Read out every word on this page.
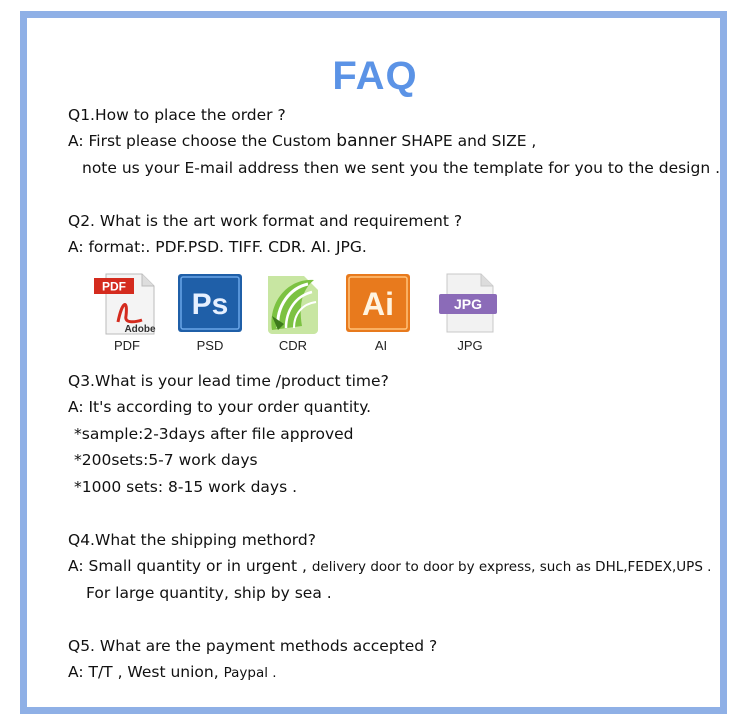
FAQ
Q1.How to place the order ?
A: First please choose the Custom banner SHAPE and SIZE ,
note us your E-mail address then we sent you the template for you to the design .
Q2. What is the art work format and requirement ?
A: format:. PDF.PSD. TIFF. CDR. AI. JPG.
PDF
Adobe
PDF
Ps
PSD	CDR
Ai
AI
JPG
JPG
Q3.What is your lead time /product time?
A: It's according to your order quantity.
*sample:2-3days after file approved
*200sets:5-7 work days
*1000 sets: 8-15 work days .
Q4.What the shipping methord?
A: Small quantity or in urgent , delivery door to door by express, such as DHL,FEDEX,UPS .
For large quantity, ship by sea .
Q5. What are the payment methods accepted ?
A: T/T , West union, Paypal .
